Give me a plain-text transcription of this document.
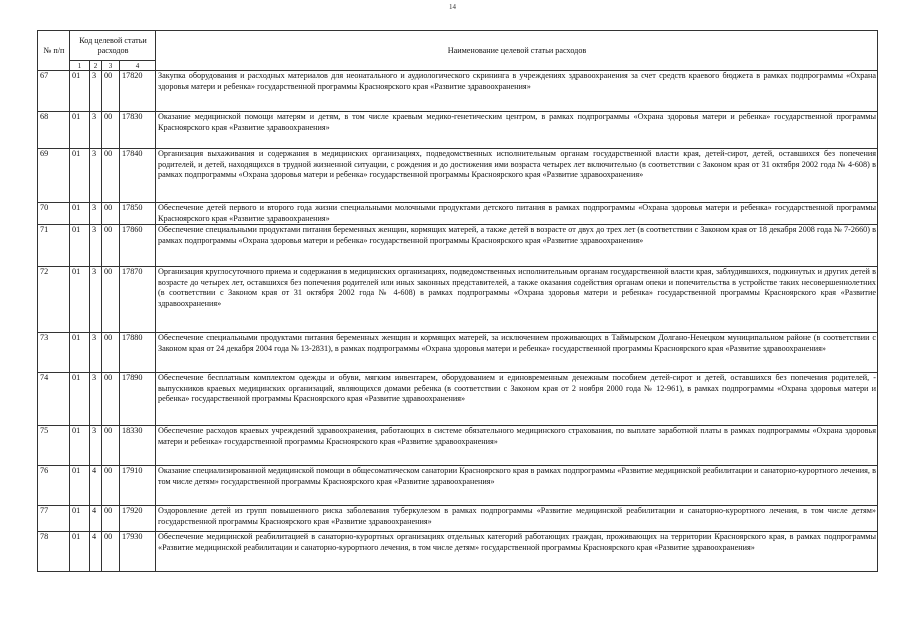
14
№ п/п	Код целевой статьи расходов				Наименование целевой статьи расходов
	1	2	3	4	
67	01	3	00	17820	Закупка оборудования и расходных материалов для неонатального и аудиологического скрининга в учреждениях здравоохранения за счет средств краевого бюджета в рамках подпрограммы «Охрана здоровья матери и ребенка» государственной программы Красноярского края «Развитие здравоохранения»
68	01	3	00	17830	Оказание медицинской помощи матерям и детям, в том числе краевым медико-генетическим центром, в рамках подпрограммы «Охрана здоровья матери и ребенка» государственной программы Красноярского края «Развитие здравоохранения»
69	01	3	00	17840	Организация выхаживания и содержания в медицинских организациях, подведомственных исполнительным органам государственной власти края, детей-сирот, детей, оставшихся без попечения родителей, и детей, находящихся в трудной жизненной ситуации, с рождения и до достижения ими возраста четырех лет включительно (в соответствии с Законом края от 31 октября 2002 года № 4-608) в рамках подпрограммы «Охрана здоровья матери и ребенка» государственной программы Красноярского края «Развитие здравоохранения»
70	01	3	00	17850	Обеспечение детей первого и второго года жизни специальными молочными продуктами детского питания в рамках подпрограммы «Охрана здоровья матери и ребенка» государственной программы Красноярского края «Развитие здравоохранения»
71	01	3	00	17860	Обеспечение специальными продуктами питания беременных женщин, кормящих матерей, а также детей в возрасте от двух до трех лет (в соответствии с Законом края от 18 декабря 2008 года № 7-2660) в рамках подпрограммы «Охрана здоровья матери и ребенка» государственной программы Красноярского края «Развитие здравоохранения»
72	01	3	00	17870	Организация круглосуточного приема и содержания в медицинских организациях, подведомственных исполнительным органам государственной власти края, заблудившихся, подкинутых и других детей в возрасте до четырех лет, оставшихся без попечения родителей или иных законных представителей, а также оказания содействия органам опеки и попечительства в устройстве таких несовершеннолетних (в соответствии с Законом края от 31 октября 2002 года № 4-608) в рамках подпрограммы «Охрана здоровья матери и ребенка» государственной программы Красноярского края «Развитие здравоохранения»
73	01	3	00	17880	Обеспечение специальными продуктами питания беременных женщин и кормящих матерей, за исключением проживающих в Таймырском Долгано-Ненецком муниципальном районе (в соответствии с Законом края от 24 декабря 2004 года № 13-2831), в рамках подпрограммы «Охрана здоровья матери и ребенка» государственной программы Красноярского края «Развитие здравоохранения»
74	01	3	00	17890	Обеспечение бесплатным комплектом одежды и обуви, мягким инвентарем, оборудованием и единовременным денежным пособием детей-сирот и детей, оставшихся без попечения родителей, - выпускников краевых медицинских организаций, являющихся домами ребенка (в соответствии с Законом края от 2 ноября 2000 года № 12-961), в рамках подпрограммы «Охрана здоровья матери и ребенка» государственной программы Красноярского края «Развитие здравоохранения»
75	01	3	00	18330	Обеспечение расходов краевых учреждений здравоохранения, работающих в системе обязательного медицинского страхования, по выплате заработной платы в рамках подпрограммы «Охрана здоровья матери и ребенка» государственной программы Красноярского края «Развитие здравоохранения»
76	01	4	00	17910	Оказание специализированной медицинской помощи в общесоматическом санатории Красноярского края в рамках подпрограммы «Развитие медицинской реабилитации и санаторно-курортного лечения, в том числе детям» государственной программы Красноярского края «Развитие здравоохранения»
77	01	4	00	17920	Оздоровление детей из групп повышенного риска заболевания туберкулезом в рамках подпрограммы «Развитие медицинской реабилитации и санаторно-курортного лечения, в том числе детям» государственной программы Красноярского края «Развитие здравоохранения»
78	01	4	00	17930	Обеспечение медицинской реабилитацией в санаторно-курортных организациях отдельных категорий работающих граждан, проживающих на территории Красноярского края, в рамках подпрограммы «Развитие медицинской реабилитации и санаторно-курортного лечения, в том числе детям» государственной программы Красноярского края «Развитие здравоохранения»
